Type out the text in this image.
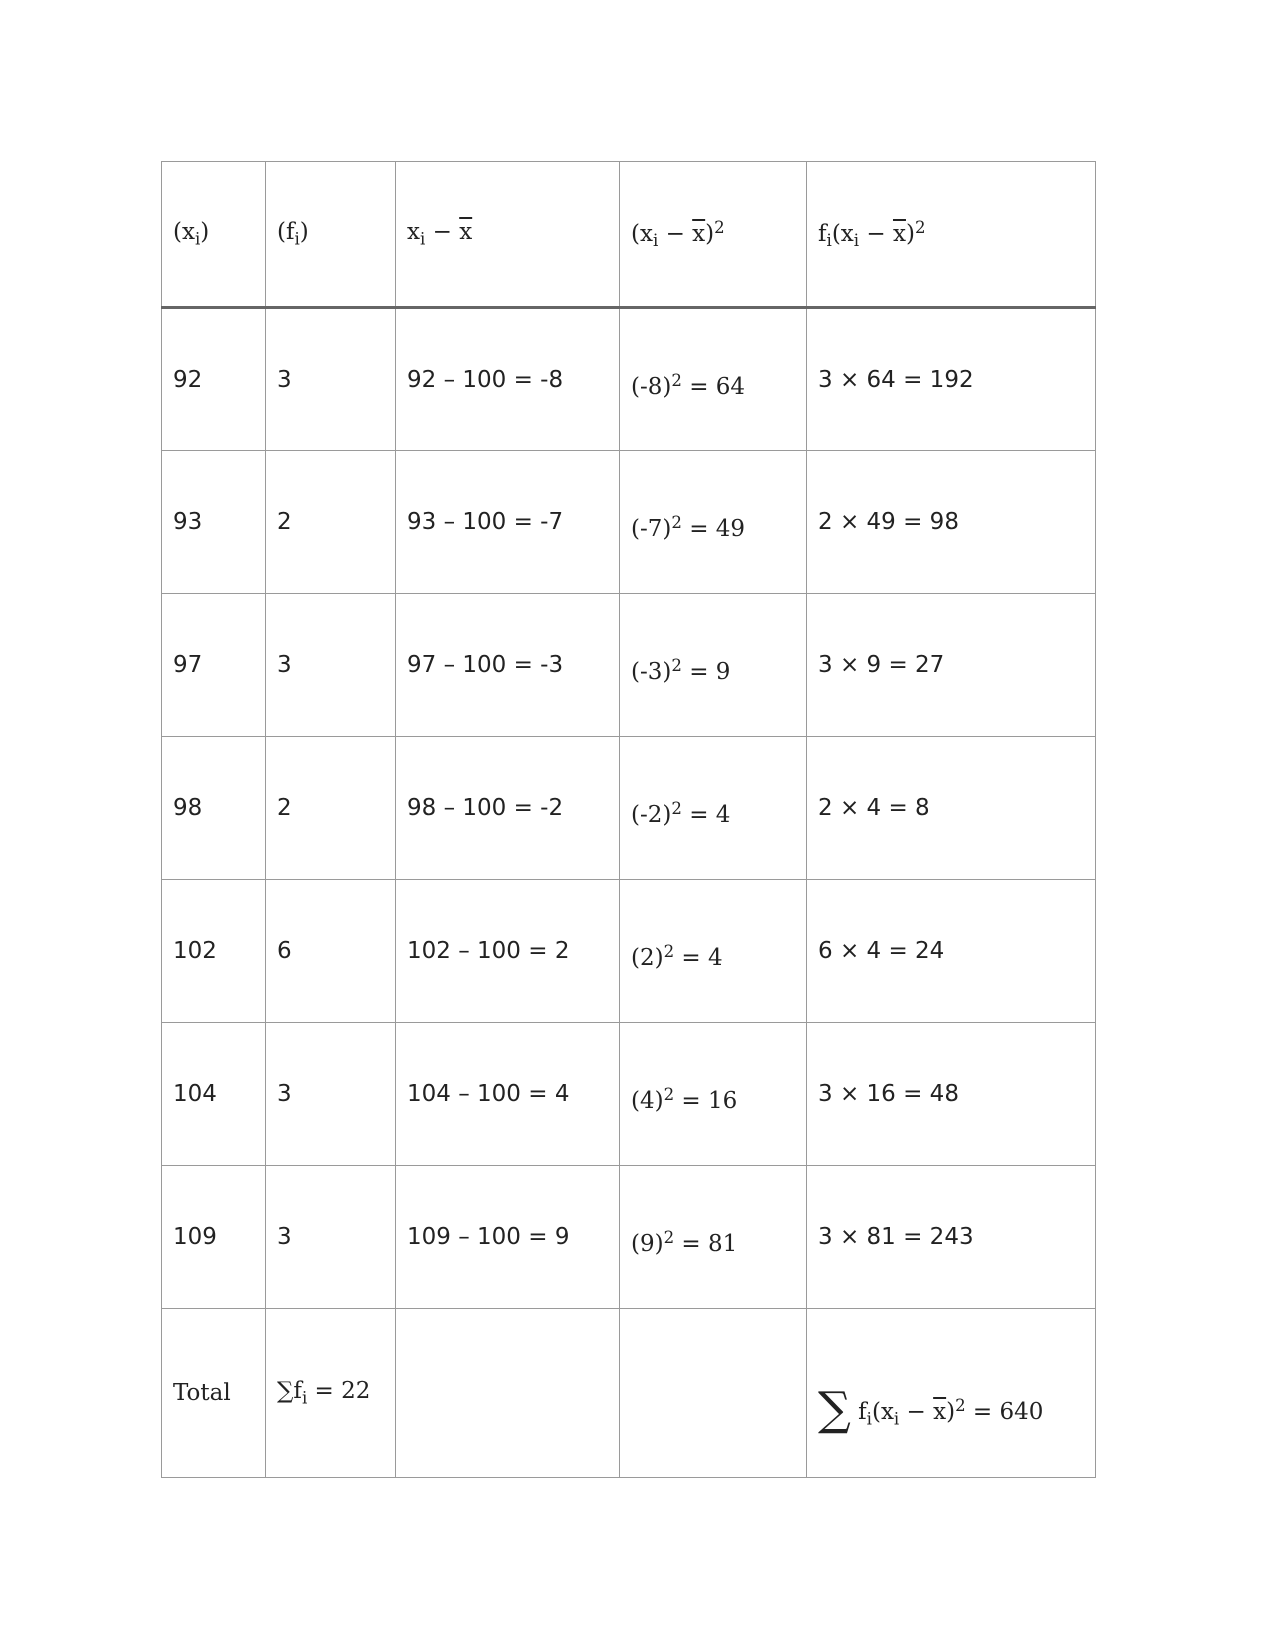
$(x_i)$	$(f_i)$	$x_i - \overline{x}$	$(x_i - \overline{x})^2$	$f_i(x_i - \overline{x})^2$
92	3	92 – 100 = -8	$(-8)^2 = 64$	3 × 64 = 192
93	2	93 – 100 = -7	$(-7)^2 = 49$	2 × 49 = 98
97	3	97 – 100 = -3	$(-3)^2 = 9$	3 × 9 = 27
98	2	98 – 100 = -2	$(-2)^2 = 4$	2 × 4 = 8
102	6	102 – 100 = 2	$(2)^2 = 4$	6 × 4 = 24
104	3	104 – 100 = 4	$(4)^2 = 16$	3 × 16 = 48
109	3	109 – 100 = 9	$(9)^2 = 81$	3 × 81 = 243
Total	$\sum f_i = 22$			∑ $f_i(x_i - \overline{x})^2 = 640$
